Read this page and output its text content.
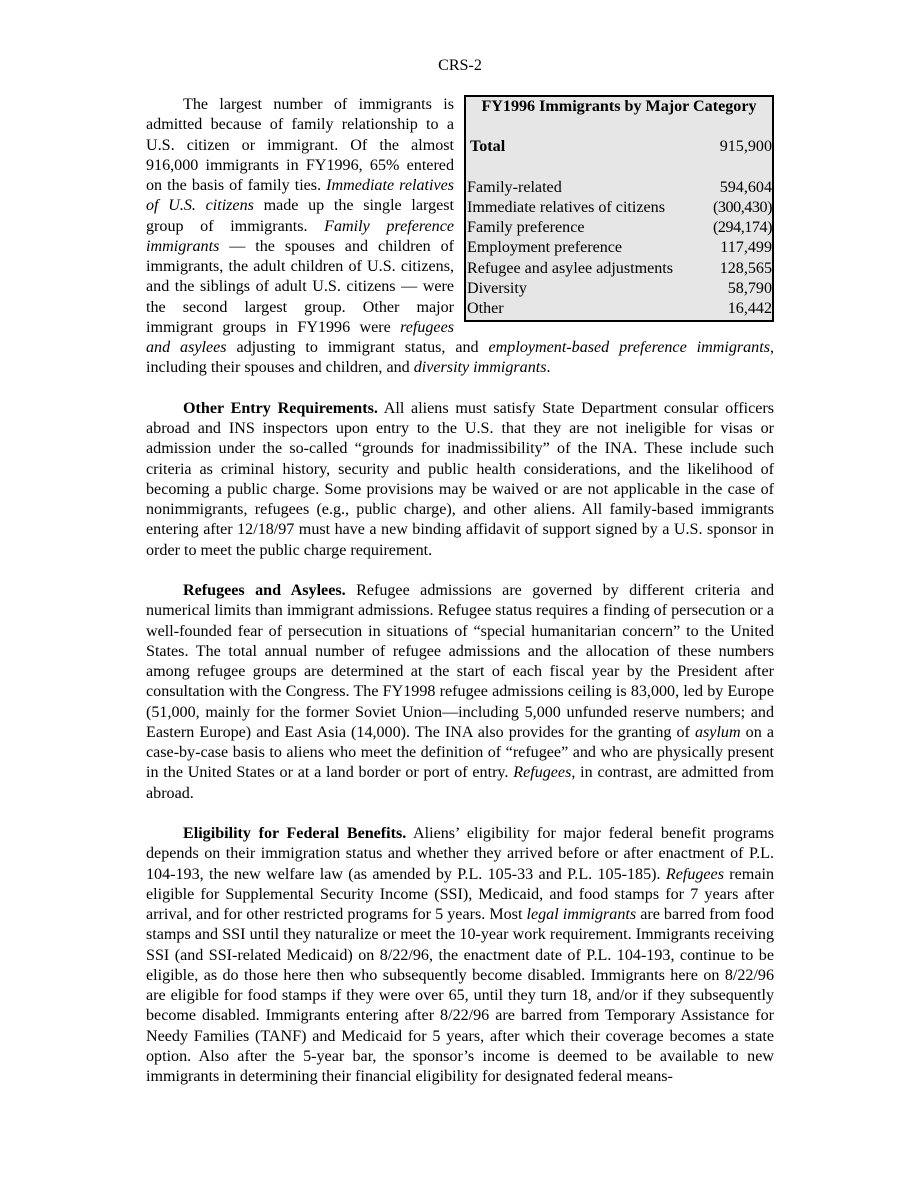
CRS-2

FY1996 Immigrants by Major Category
Total	915,900
Family-related	594,604
Immediate relatives of citizens	(300,430)
Family preference	(294,174)
Employment preference	117,499
Refugee and asylee adjustments	128,565
Diversity	58,790
Other	16,442
The largest number of immigrants is admitted because of family relationship to a U.S. citizen or immigrant. Of the almost 916,000 immigrants in FY1996, 65% entered on the basis of family ties. Immediate relatives of U.S. citizens made up the single largest group of immigrants. Family preference immigrants — the spouses and children of immigrants, the adult children of U.S. citizens, and the siblings of adult U.S. citizens — were the second largest group. Other major immigrant groups in FY1996 were refugees and asylees adjusting to immigrant status, and employment-based preference immigrants, including their spouses and children, and diversity immigrants.

Other Entry Requirements. All aliens must satisfy State Department consular officers abroad and INS inspectors upon entry to the U.S. that they are not ineligible for visas or admission under the so-called “grounds for inadmissibility” of the INA. These include such criteria as criminal history, security and public health considerations, and the likelihood of becoming a public charge. Some provisions may be waived or are not applicable in the case of nonimmigrants, refugees (e.g., public charge), and other aliens. All family-based immigrants entering after 12/18/97 must have a new binding affidavit of support signed by a U.S. sponsor in order to meet the public charge requirement.

Refugees and Asylees. Refugee admissions are governed by different criteria and numerical limits than immigrant admissions. Refugee status requires a finding of persecution or a well-founded fear of persecution in situations of “special humanitarian concern” to the United States. The total annual number of refugee admissions and the allocation of these numbers among refugee groups are determined at the start of each fiscal year by the President after consultation with the Congress. The FY1998 refugee admissions ceiling is 83,000, led by Europe (51,000, mainly for the former Soviet Union—including 5,000 unfunded reserve numbers; and Eastern Europe) and East Asia (14,000). The INA also provides for the granting of asylum on a case-by-case basis to aliens who meet the definition of “refugee” and who are physically present in the United States or at a land border or port of entry. Refugees, in contrast, are admitted from abroad.

Eligibility for Federal Benefits. Aliens’ eligibility for major federal benefit programs depends on their immigration status and whether they arrived before or after enactment of P.L. 104-193, the new welfare law (as amended by P.L. 105-33 and P.L. 105-185). Refugees remain eligible for Supplemental Security Income (SSI), Medicaid, and food stamps for 7 years after arrival, and for other restricted programs for 5 years. Most legal immigrants are barred from food stamps and SSI until they naturalize or meet the 10-year work requirement. Immigrants receiving SSI (and SSI-related Medicaid) on 8/22/96, the enactment date of P.L. 104-193, continue to be eligible, as do those here then who subsequently become disabled. Immigrants here on 8/22/96 are eligible for food stamps if they were over 65, until they turn 18, and/or if they subsequently become disabled. Immigrants entering after 8/22/96 are barred from Temporary Assistance for Needy Families (TANF) and Medicaid for 5 years, after which their coverage becomes a state option. Also after the 5-year bar, the sponsor’s income is deemed to be available to new immigrants in determining their financial eligibility for designated federal means-
